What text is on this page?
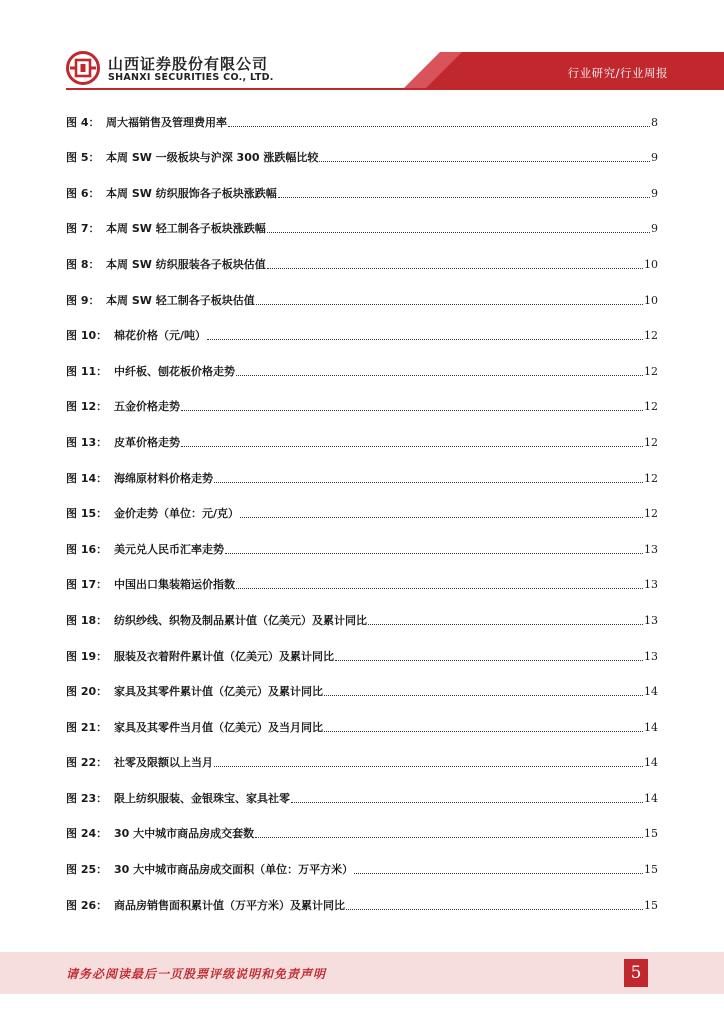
山西证券股份有限公司
SHANXI SECURITIES CO., LTD.	行业研究/行业周报
图 4： 周大福销售及管理费用率	8
图 5： 本周 SW 一级板块与沪深 300 涨跌幅比较	9
图 6： 本周 SW 纺织服饰各子板块涨跌幅	9
图 7： 本周 SW 轻工制各子板块涨跌幅	9
图 8： 本周 SW 纺织服装各子板块估值	10
图 9： 本周 SW 轻工制各子板块估值	10
图 10： 棉花价格（元/吨）	12
图 11： 中纤板、刨花板价格走势	12
图 12： 五金价格走势	12
图 13： 皮革价格走势	12
图 14： 海绵原材料价格走势	12
图 15： 金价走势（单位：元/克）	12
图 16： 美元兑人民币汇率走势	13
图 17： 中国出口集装箱运价指数	13
图 18： 纺织纱线、织物及制品累计值（亿美元）及累计同比	13
图 19： 服装及衣着附件累计值（亿美元）及累计同比	13
图 20： 家具及其零件累计值（亿美元）及累计同比	14
图 21： 家具及其零件当月值（亿美元）及当月同比	14
图 22： 社零及限额以上当月	14
图 23： 限上纺织服装、金银珠宝、家具社零	14
图 24： 30 大中城市商品房成交套数	15
图 25： 30 大中城市商品房成交面积（单位：万平方米）	15
图 26： 商品房销售面积累计值（万平方米）及累计同比	15
请务必阅读最后一页股票评级说明和免责声明	5
